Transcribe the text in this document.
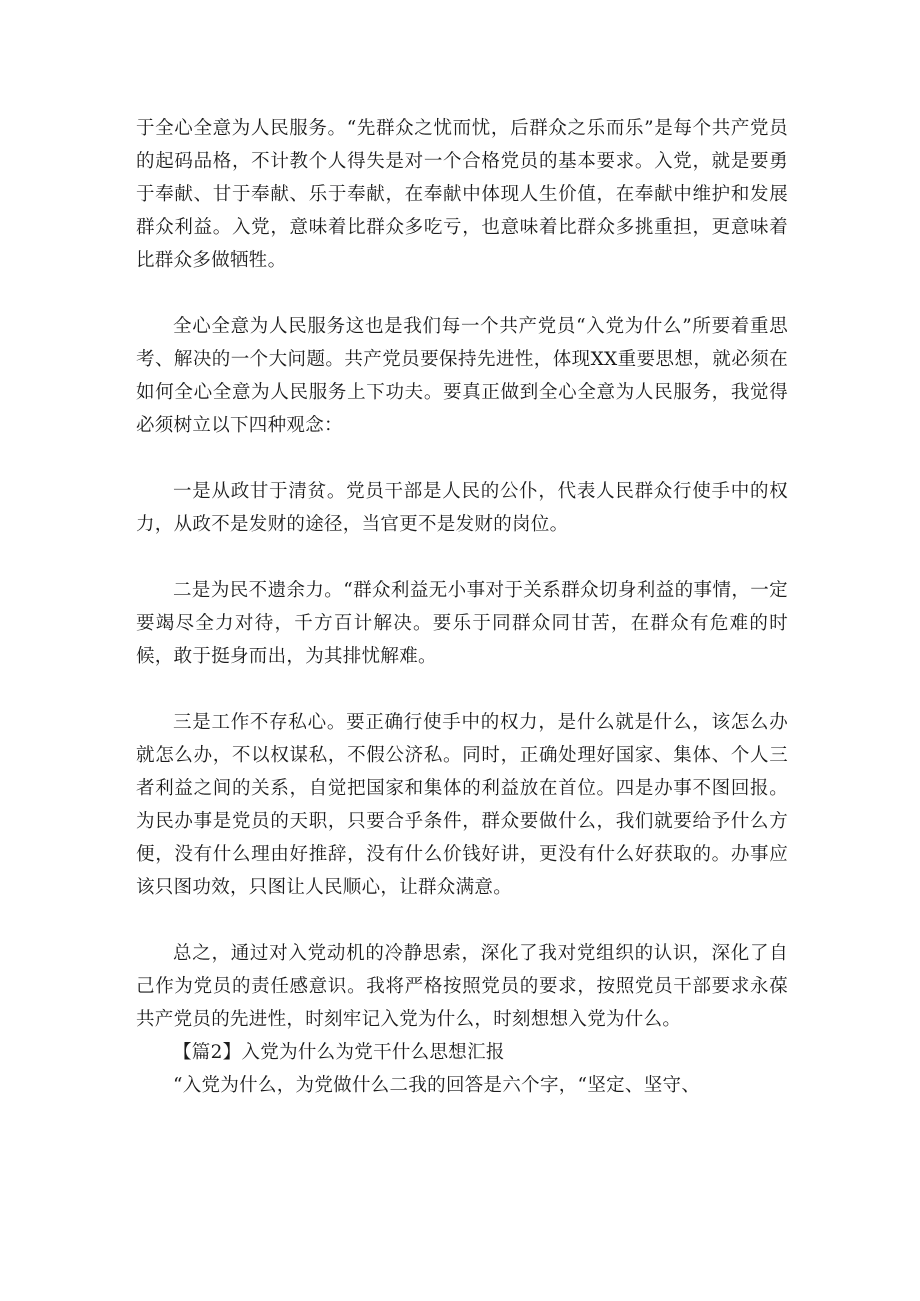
于全心全意为人民服务。“先群众之忧而忧，后群众之乐而乐”是每个共产党员的起码品格，不计教个人得失是对一个合格党员的基本要求。入党，就是要勇于奉献、甘于奉献、乐于奉献，在奉献中体现人生价值，在奉献中维护和发展群众利益。入党，意味着比群众多吃亏，也意味着比群众多挑重担，更意味着比群众多做牺牲。

全心全意为人民服务这也是我们每一个共产党员“入党为什么”所要着重思考、解决的一个大问题。共产党员要保持先进性，体现XX重要思想，就必须在如何全心全意为人民服务上下功夫。要真正做到全心全意为人民服务，我觉得必须树立以下四种观念：

一是从政甘于清贫。党员干部是人民的公仆，代表人民群众行使手中的权力，从政不是发财的途径，当官更不是发财的岗位。

二是为民不遗余力。“群众利益无小事对于关系群众切身利益的事情，一定要竭尽全力对待，千方百计解决。要乐于同群众同甘苦，在群众有危难的时候，敢于挺身而出，为其排忧解难。

三是工作不存私心。要正确行使手中的权力，是什么就是什么，该怎么办就怎么办，不以权谋私，不假公济私。同时，正确处理好国家、集体、个人三者利益之间的关系，自觉把国家和集体的利益放在首位。四是办事不图回报。为民办事是党员的天职，只要合乎条件，群众要做什么，我们就要给予什么方便，没有什么理由好推辞，没有什么价钱好讲，更没有什么好获取的。办事应该只图功效，只图让人民顺心，让群众满意。

总之，通过对入党动机的冷静思索，深化了我对党组织的认识，深化了自己作为党员的责任感意识。我将严格按照党员的要求，按照党员干部要求永葆共产党员的先进性，时刻牢记入党为什么，时刻想想入党为什么。

【篇2】入党为什么为党干什么思想汇报

“入党为什么，为党做什么二我的回答是六个字，“坚定、坚守、
